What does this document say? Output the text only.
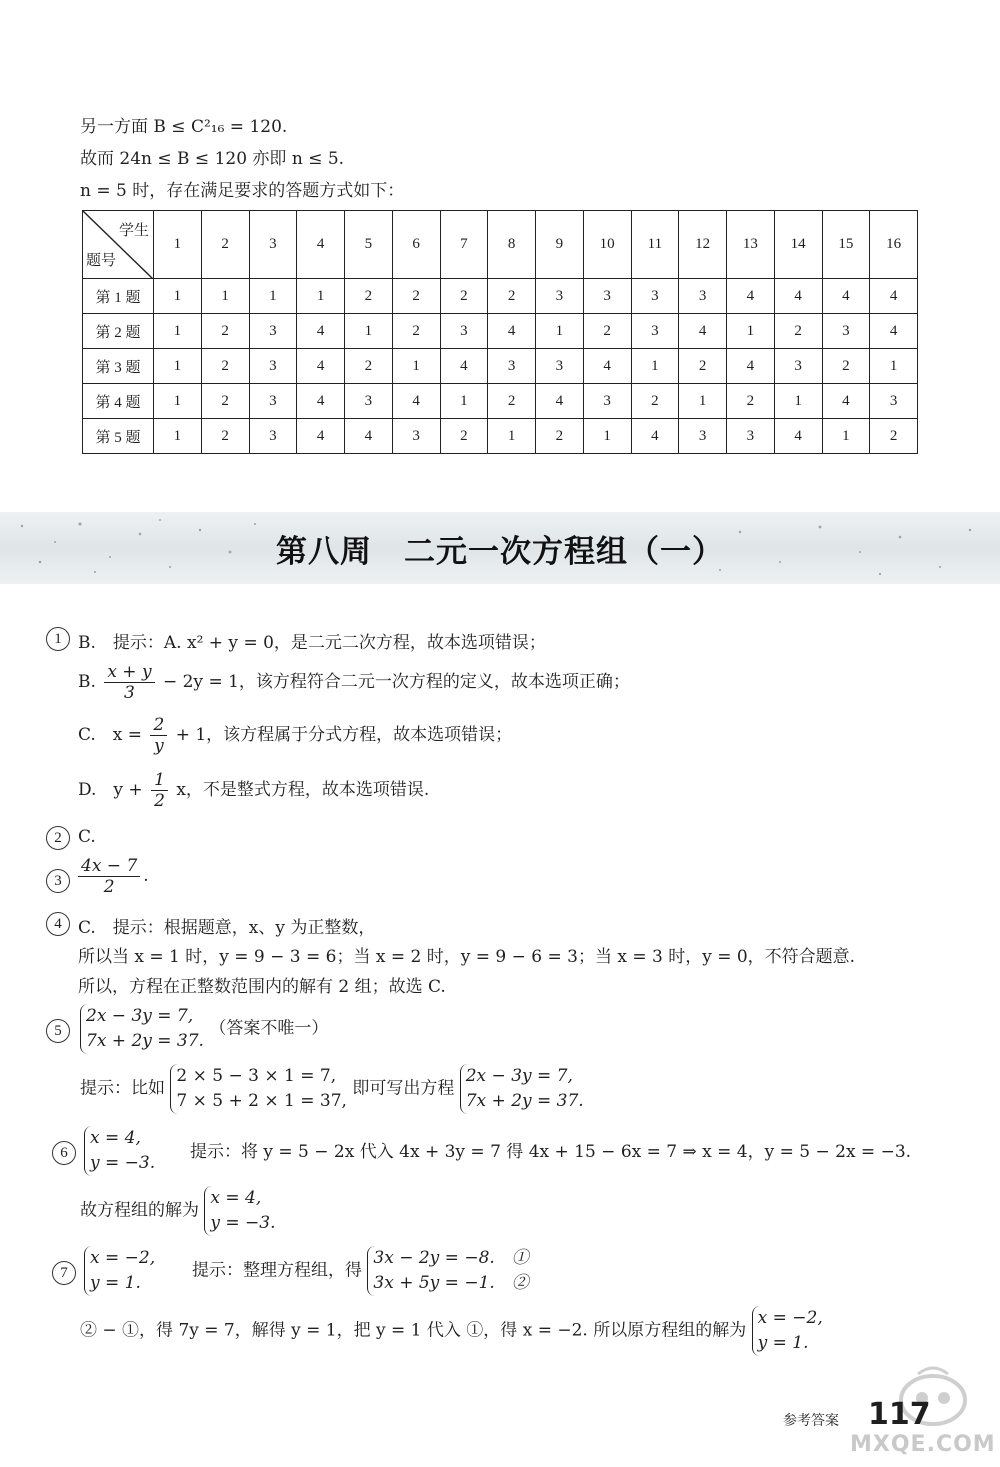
另一方面 B ≤ C²₁₆ = 120.
故而 24n ≤ B ≤ 120 亦即 n ≤ 5.
n = 5 时，存在满足要求的答题方式如下：
学生
题号	1	2	3	4	5	6	7	8	9	10	11	12	13	14	15	16
第 1 题	1	1	1	1	2	2	2	2	3	3	3	3	4	4	4	4
第 2 题	1	2	3	4	1	2	3	4	1	2	3	4	1	2	3	4
第 3 题	1	2	3	4	2	1	4	3	3	4	1	2	4	3	2	1
第 4 题	1	2	3	4	3	4	1	2	4	3	2	1	2	1	4	3
第 5 题	1	2	3	4	4	3	2	1	2	1	4	3	3	4	1	2
第八周　二元一次方程组（一）
1 B.　提示：A. x² + y = 0，是二元二次方程，故本选项错误；
B. $\frac{x + y}{3} - 2y = 1$，该方程符合二元一次方程的定义，故本选项正确；
C.　$x = \frac{2}{y} + 1$，该方程属于分式方程，故本选项错误；
D.　$y + \frac{1}{2}$ x，不是整式方程，故本选项错误.
2 C.
$3 \frac{4x - 7}{2}$ .
4 C.　提示：根据题意，x、y 为正整数，
所以当 x = 1 时，y = 9 − 3 = 6；当 x = 2 时，y = 9 − 6 = 3；当 x = 3 时，y = 0，不符合题意.
所以，方程在正整数范围内的解有 2 组；故选 C.
5
2x − 3y = 7,
7x + 2y = 37. （答案不唯一）
提示：比如 2 × 5 − 3 × 1 = 7,
7 × 5 + 2 × 1 = 37, 即可写出方程 2x − 3y = 7,
7x + 2y = 37.
6
x = 4,
y = −3.
提示：将 y = 5 − 2x 代入 4x + 3y = 7 得 4x + 15 − 6x = 7 ⇒ x = 4，y = 5 − 2x = −3.
故方程组的解为 x = 4,
y = −3.
7
x = −2,
y = 1.
提示：整理方程组，得 3x − 2y = −8.　①
3x + 5y = −1.　②
② − ①，得 7y = 7，解得 y = 1，把 y = 1 代入 ①，得 x = −2. 所以原方程组的解为 x = −2,
y = 1.
参考答案 117
MXQE.COM
